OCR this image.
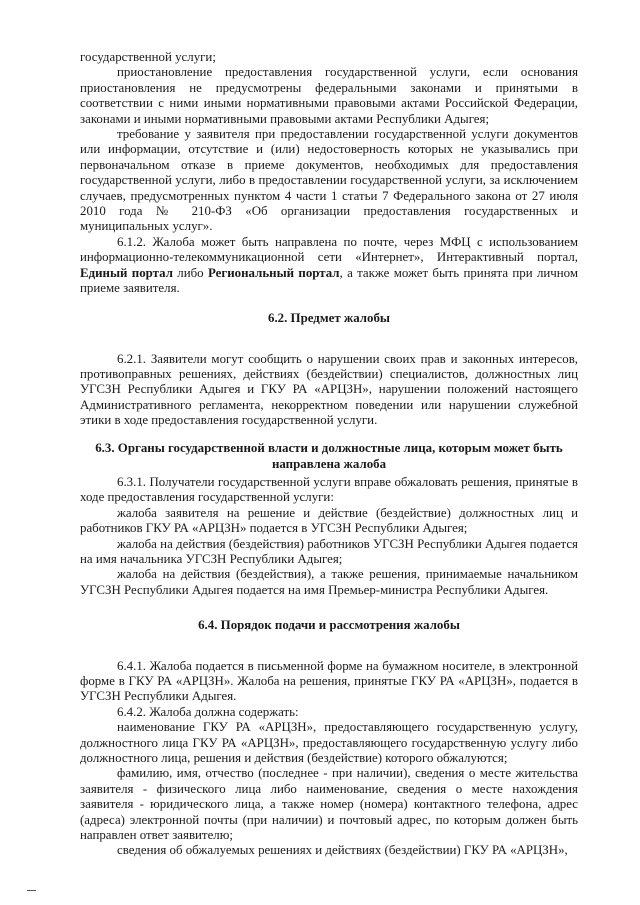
государственной услуги;

приостановление предоставления государственной услуги, если основания приостановления не предусмотрены федеральными законами и принятыми в соответствии с ними иными нормативными правовыми актами Российской Федерации, законами и иными нормативными правовыми актами Республики Адыгея;

требование у заявителя при предоставлении государственной услуги документов или информации, отсутствие и (или) недостоверность которых не указывались при первоначальном отказе в приеме документов, необходимых для предоставления государственной услуги, либо в предоставлении государственной услуги, за исключением случаев, предусмотренных пунктом 4 части 1 статьи 7 Федерального закона от 27 июля 2010 года № 210-ФЗ «Об организации предоставления государственных и муниципальных услуг».

6.1.2. Жалоба может быть направлена по почте, через МФЦ с использованием информационно-телекоммуникационной сети «Интернет», Интерактивный портал, Единый портал либо Региональный портал, а также может быть принята при личном приеме заявителя.

6.2. Предмет жалобы

6.2.1. Заявители могут сообщить о нарушении своих прав и законных интересов, противоправных решениях, действиях (бездействии) специалистов, должностных лиц УГСЗН Республики Адыгея и ГКУ РА «АРЦЗН», нарушении положений настоящего Административного регламента, некорректном поведении или нарушении служебной этики в ходе предоставления государственной услуги.

6.3. Органы государственной власти и должностные лица, которым может быть

направлена жалоба

6.3.1. Получатели государственной услуги вправе обжаловать решения, принятые в ходе предоставления государственной услуги:

жалоба заявителя на решение и действие (бездействие) должностных лиц и работников ГКУ РА «АРЦЗН» подается в УГСЗН Республики Адыгея;

жалоба на действия (бездействия) работников УГСЗН Республики Адыгея подается на имя начальника УГСЗН Республики Адыгея;

жалоба на действия (бездействия), а также решения, принимаемые начальником УГСЗН Республики Адыгея подается на имя Премьер-министра Республики Адыгея.

6.4. Порядок подачи и рассмотрения жалобы

6.4.1. Жалоба подается в письменной форме на бумажном носителе, в электронной форме в ГКУ РА «АРЦЗН». Жалоба на решения, принятые ГКУ РА «АРЦЗН», подается в УГСЗН Республики Адыгея.

6.4.2. Жалоба должна содержать:

наименование ГКУ РА «АРЦЗН», предоставляющего государственную услугу, должностного лица ГКУ РА «АРЦЗН», предоставляющего государственную услугу либо должностного лица, решения и действия (бездействие) которого обжалуются;

фамилию, имя, отчество (последнее - при наличии), сведения о месте жительства заявителя - физического лица либо наименование, сведения о месте нахождения заявителя - юридического лица, а также номер (номера) контактного телефона, адрес (адреса) электронной почты (при наличии) и почтовый адрес, по которым должен быть направлен ответ заявителю;

сведения об обжалуемых решениях и действиях (бездействии) ГКУ РА «АРЦЗН»,
